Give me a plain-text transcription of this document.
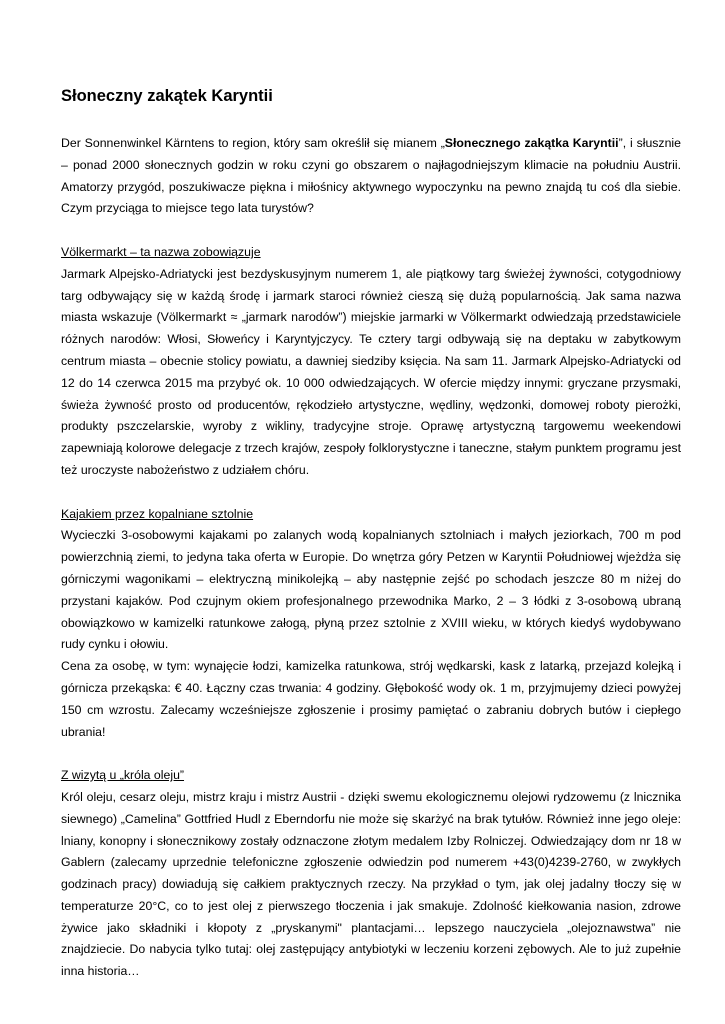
Słoneczny zakątek Karyntii

Der Sonnenwinkel Kärntens to region, który sam określił się mianem „Słonecznego zakątka Karyntii”, i słusznie – ponad 2000 słonecznych godzin w roku czyni go obszarem o najłagodniejszym klimacie na południu Austrii. Amatorzy przygód, poszukiwacze piękna i miłośnicy aktywnego wypoczynku na pewno znajdą tu coś dla siebie. Czym przyciąga to miejsce tego lata turystów?

Völkermarkt – ta nazwa zobowiązuje

Jarmark Alpejsko-Adriatycki jest bezdyskusyjnym numerem 1, ale piątkowy targ świeżej żywności, cotygodniowy targ odbywający się w każdą środę i jarmark staroci również cieszą się dużą popularnością. Jak sama nazwa miasta wskazuje (Völkermarkt ≈ „jarmark narodów”) miejskie jarmarki w Völkermarkt odwiedzają przedstawiciele różnych narodów: Włosi, Słoweńcy i Karyntyjczycy. Te cztery targi odbywają się na deptaku w zabytkowym centrum miasta – obecnie stolicy powiatu, a dawniej siedziby księcia. Na sam 11. Jarmark Alpejsko-Adriatycki od 12 do 14 czerwca 2015 ma przybyć ok. 10 000 odwiedzających. W ofercie między innymi: gryczane przysmaki, świeża żywność prosto od producentów, rękodzieło artystyczne, wędliny, wędzonki, domowej roboty pierożki, produkty pszczelarskie, wyroby z wikliny, tradycyjne stroje. Oprawę artystyczną targowemu weekendowi zapewniają kolorowe delegacje z trzech krajów, zespoły folklorystyczne i taneczne, stałym punktem programu jest też uroczyste nabożeństwo z udziałem chóru.

Kajakiem przez kopalniane sztolnie

Wycieczki 3-osobowymi kajakami po zalanych wodą kopalnianych sztolniach i małych jeziorkach, 700 m pod powierzchnią ziemi, to jedyna taka oferta w Europie. Do wnętrza góry Petzen w Karyntii Południowej wjeżdża się górniczymi wagonikami – elektryczną minikolejką – aby następnie zejść po schodach jeszcze 80 m niżej do przystani kajaków. Pod czujnym okiem profesjonalnego przewodnika Marko, 2 – 3 łódki z 3-osobową ubraną obowiązkowo w kamizelki ratunkowe załogą, płyną przez sztolnie z XVIII wieku, w których kiedyś wydobywano rudy cynku i ołowiu.

Cena za osobę, w tym: wynajęcie łodzi, kamizelka ratunkowa, strój wędkarski, kask z latarką, przejazd kolejką i górnicza przekąska: € 40. Łączny czas trwania: 4 godziny. Głębokość wody ok. 1 m, przyjmujemy dzieci powyżej 150 cm wzrostu. Zalecamy wcześniejsze zgłoszenie i prosimy pamiętać o zabraniu dobrych butów i ciepłego ubrania!

Z wizytą u „króla oleju”

Król oleju, cesarz oleju, mistrz kraju i mistrz Austrii - dzięki swemu ekologicznemu olejowi rydzowemu (z lnicznika siewnego) „Camelina” Gottfried Hudl z Eberndorfu nie może się skarżyć na brak tytułów. Również inne jego oleje: lniany, konopny i słonecznikowy zostały odznaczone złotym medalem Izby Rolniczej. Odwiedzający dom nr 18 w Gablern (zalecamy uprzednie telefoniczne zgłoszenie odwiedzin pod numerem +43(0)4239-2760, w zwykłych godzinach pracy) dowiadują się całkiem praktycznych rzeczy. Na przykład o tym, jak olej jadalny tłoczy się w temperaturze 20°C, co to jest olej z pierwszego tłoczenia i jak smakuje. Zdolność kiełkowania nasion, zdrowe żywice jako składniki i kłopoty z „pryskanymi" plantacjami… lepszego nauczyciela „olejoznawstwa” nie znajdziecie. Do nabycia tylko tutaj: olej zastępujący antybiotyki w leczeniu korzeni zębowych. Ale to już zupełnie inna historia…
